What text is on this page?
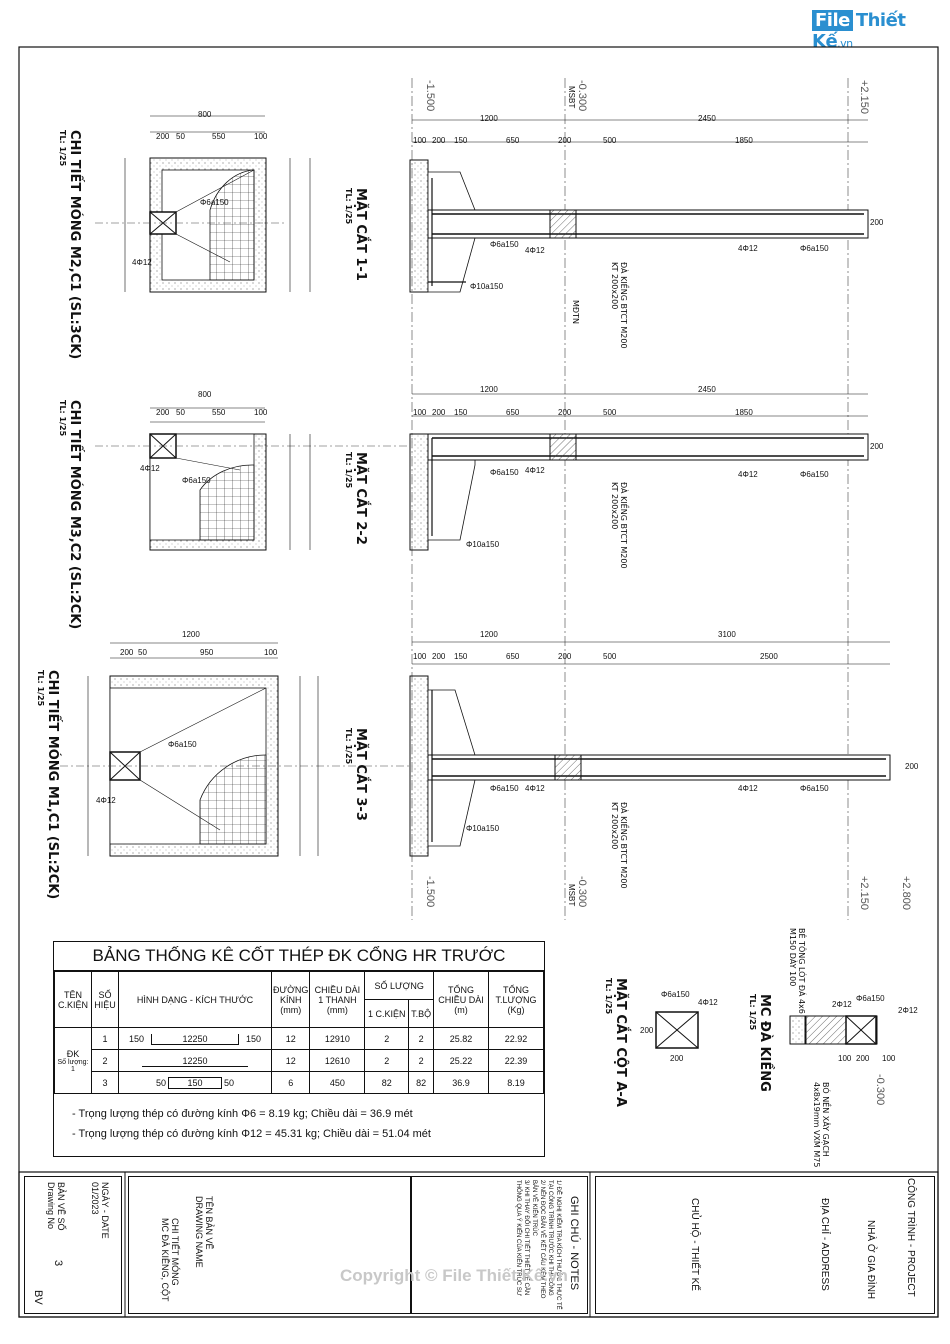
File Thiết Kế.vn
CHI TIẾT MÓNG M2,C1 (SL:3CK)
TL: 1/25
CHI TIẾT MÓNG M3,C2 (SL:2CK)
TL: 1/25
CHI TIẾT MÓNG M1,C1 (SL:2CK)
TL: 1/25
800
200 50	550	100
800
200 50	550	100
1200
200 50	950	100
Φ6a150
4Φ12
4Φ12
Φ6a150
Φ6a150
4Φ12
MẶT CẮT 1-1
TL: 1/25
MẶT CẮT 2-2
TL: 1/25
MẶT CẮT 3-3
TL: 1/25
1200	2450
100 200 150	650	200	500	1850
1200	2450
100 200 150	650	200	500	1850
1200	3100
100 200 150	650	200	500	2500
ĐÀ KIỀNG BTCT M200
KT 200x200
ĐÀ KIỀNG BTCT M200
KT 200x200
ĐÀ KIỀNG BTCT M200
KT 200x200
MĐTN
Φ6a150
4Φ12	4Φ12	Φ6a150
Φ10a150
Φ6a150 4Φ12	4Φ12	Φ6a150
Φ10a150
Φ6a150 4Φ12	4Φ12	Φ6a150
Φ10a150
200
200
200
-1.500	-0.300	+2.150
-1.500	-0.300	+2.150	+2.800
MSBT
MSBT
MẶT CẮT CỘT A-A
TL: 1/25	Φ6a150
4Φ12
200
200	MC ĐÀ KIỀNG
TL: 1/25	BÊ TÔNG LÓT ĐÁ 4x6
M150 DÀY 100
BÓ NỀN XÂY GẠCH
4x8x19mm VXM M75
2Φ12
Φ6a150
2Φ12
100 200 100
-0.300
BẢNG THỐNG KÊ CỐT THÉP ĐK CỔNG HR TRƯỚC
TÊN C.KIỆN	SỐ HIỆU	HÌNH DẠNG - KÍCH THƯỚC	ĐƯỜNG KÍNH (mm)	CHIỀU DÀI 1 THANH (mm)	SỐ LƯỢNG		TỔNG CHIỀU DÀI (m)	TỔNG T.LƯỢNG (Kg)
					1 C.KIỆN	T.BỘ		

ĐK
Số lượng: 1	1	150 12250 150	12	12910	2	2	25.82	22.92
	2	12250	12	12610	2	2	25.22	22.39
	3	50 150 50	6	450	82	82	36.9	8.19
- Trọng lượng thép có đường kính Φ6 = 8.19 kg; Chiều dài = 36.9 mét
- Trọng lượng thép có đường kính Φ12 = 45.31 kg; Chiều dài = 51.04 mét
BẢN VẼ SỐ
Drawing No
3
BV
NGÀY - DATE
01/2023
CHI TIẾT MÓNG
MC ĐÀ KIỀNG, CỘT	TÊN BẢN VẼ
DRAWING NAME	GHI CHÚ - NOTES
1/ ĐỀ NGHỊ KIỂM TRA KÍCH THƯỚC THỰC TẾ
TẠI CÔNG TRÌNH TRƯỚC KHI THI CÔNG
2/ NÊN ĐỌC BẢN VẼ KẾT CẤU KÈM THEO
BẢN VẼ KIẾN TRÚC
3/ KHI THAY ĐỔI CHI TIẾT THIẾT KẾ CẦN
THÔNG QUA Ý KIẾN CỦA KIẾN TRÚC SƯ	CHỦ HỘ - THIẾT KẾ	ĐỊA CHỈ - ADDRESS	NHÀ Ở GIA ĐÌNH	CÔNG TRÌNH - PROJECT
Copyright © File Thiết Kế.vn
